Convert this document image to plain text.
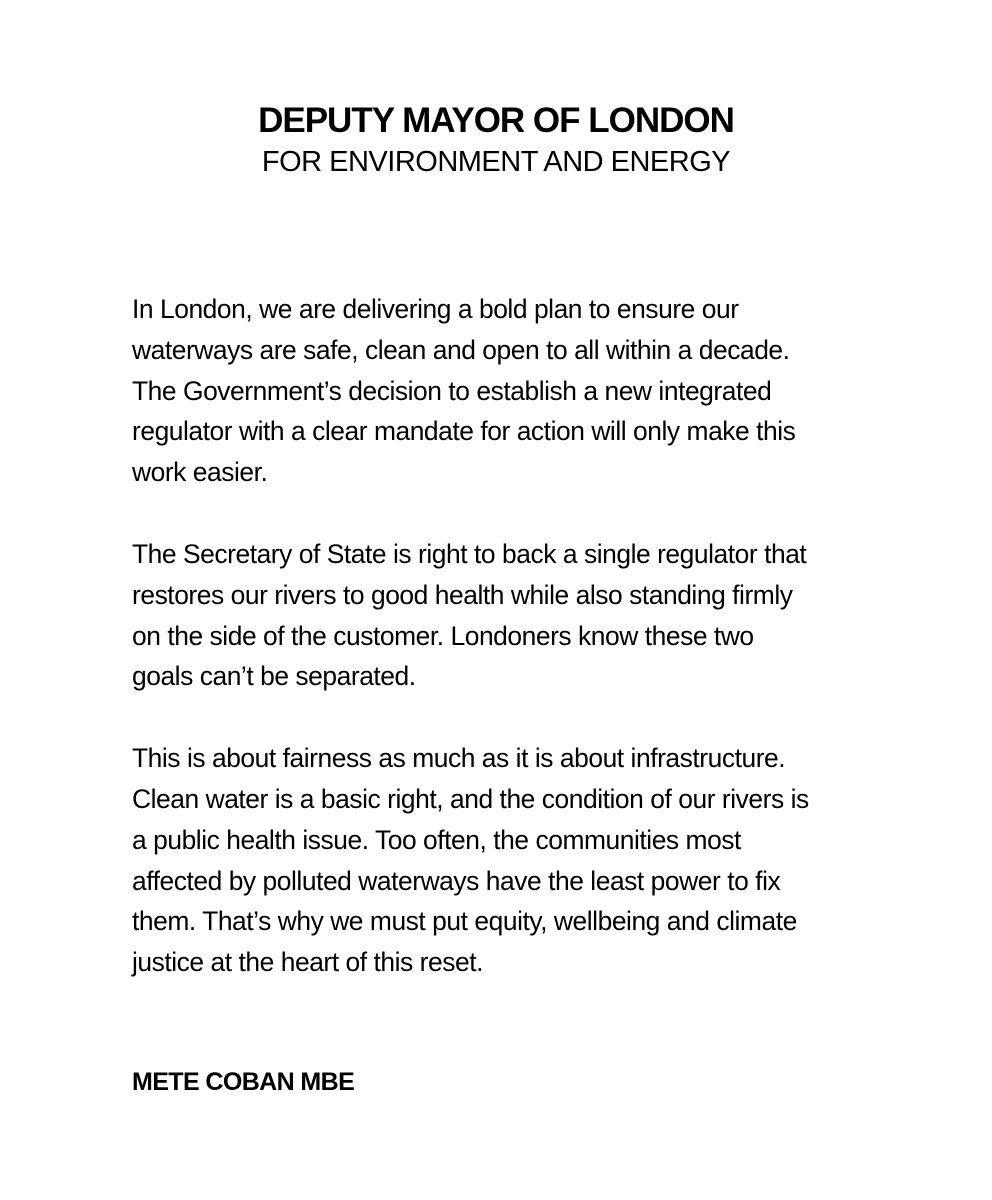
DEPUTY MAYOR OF LONDON
FOR ENVIRONMENT AND ENERGY

In London, we are delivering a bold plan to ensure our
waterways are safe, clean and open to all within a decade.
The Government’s decision to establish a new integrated
regulator with a clear mandate for action will only make this
work easier.

The Secretary of State is right to back a single regulator that
restores our rivers to good health while also standing firmly
on the side of the customer. Londoners know these two
goals can’t be separated.

This is about fairness as much as it is about infrastructure.
Clean water is a basic right, and the condition of our rivers is
a public health issue. Too often, the communities most
affected by polluted waterways have the least power to fix
them. That’s why we must put equity, wellbeing and climate
justice at the heart of this reset.

METE COBAN MBE
